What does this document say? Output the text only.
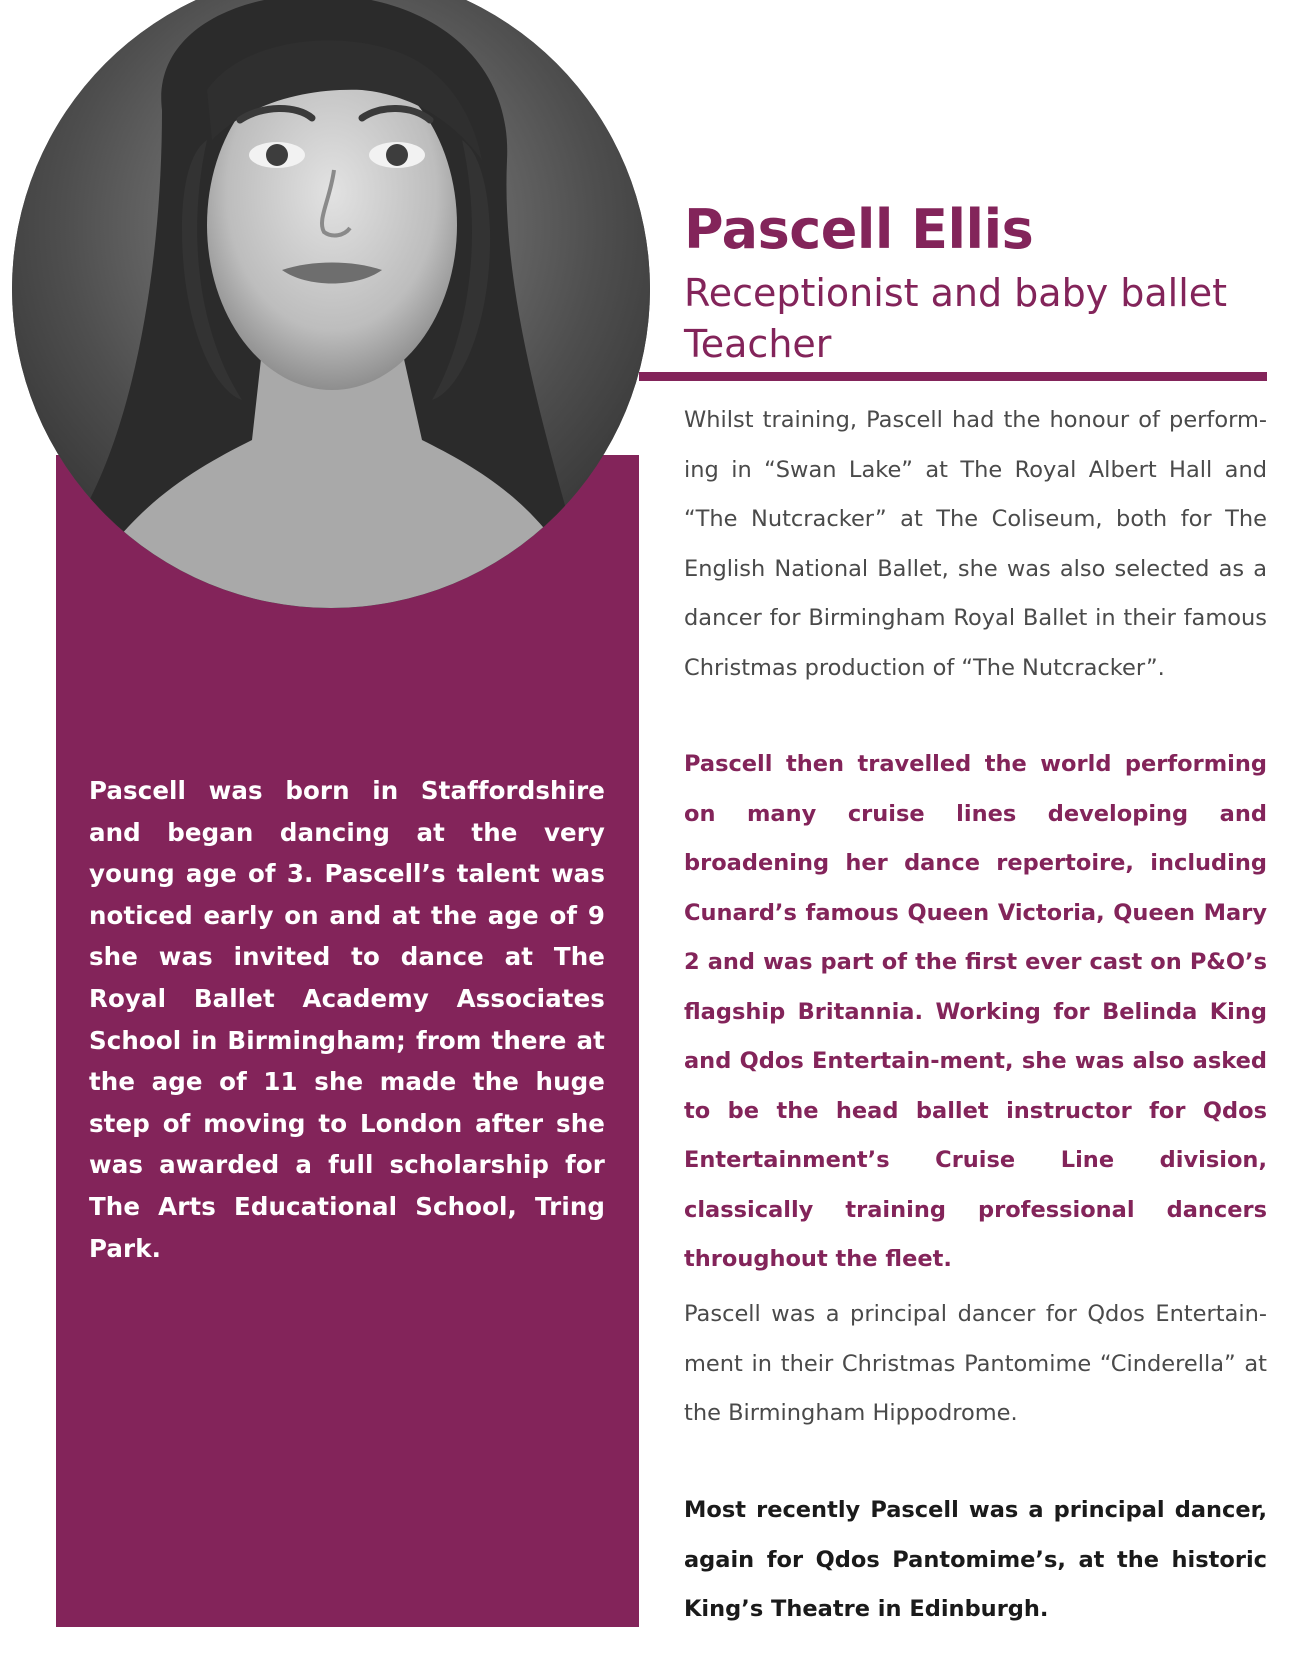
Pascell was born in Staffordshire and began dancing at the very young age of 3. Pascell’s talent was noticed early on and at the age of 9 she was invited to dance at The Royal Ballet Academy Associates School in Birmingham; from there at the age of 11 she made the huge step of moving to London after she was awarded a full scholarship for The Arts Educational School, Tring Park.
Pascell Ellis
Receptionist and baby ballet Teacher

Whilst training, Pascell had the honour of perform-ing in “Swan Lake” at The Royal Albert Hall and “The Nutcracker” at The Coliseum, both for The English National Ballet, she was also selected as a dancer for Birmingham Royal Ballet in their famous Christmas production of “The Nutcracker”.

Pascell then travelled the world performing on many cruise lines developing and broadening her dance repertoire, including Cunard’s famous Queen Victoria, Queen Mary 2 and was part of the first ever cast on P&O’s flagship Britannia. Working for Belinda King and Qdos Entertain-ment, she was also asked to be the head ballet instructor for Qdos Entertainment’s Cruise Line division, classically training professional dancers throughout the fleet.

Pascell was a principal dancer for Qdos Entertain-ment in their Christmas Pantomime “Cinderella” at the Birmingham Hippodrome.

Most recently Pascell was a principal dancer, again for Qdos Pantomime’s, at the historic King’s Theatre in Edinburgh.
